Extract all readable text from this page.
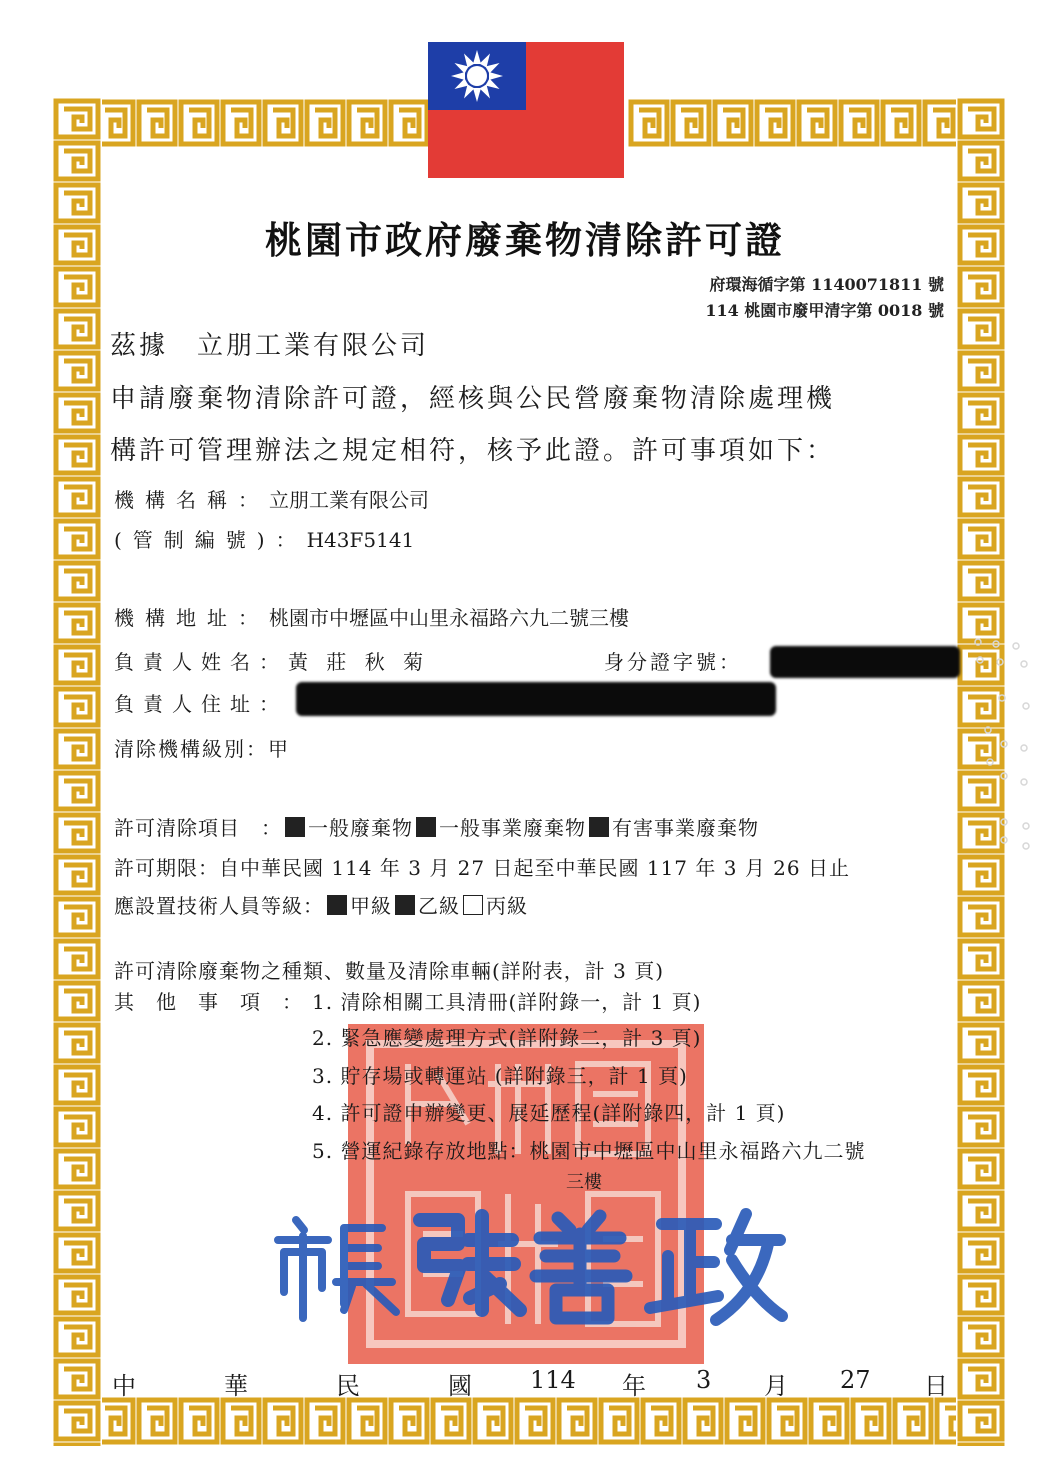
桃園市政府廢棄物清除許可證
府環海循字第 1140071811 號
114 桃園市廢甲清字第 0018 號
茲據　立朋工業有限公司
申請廢棄物清除許可證，經核與公民營廢棄物清除處理機
構許可管理辦法之規定相符，核予此證。許可事項如下：
機構名稱：立朋工業有限公司
(管制編號)：H43F5141
機構地址：桃園市中壢區中山里永福路六九二號三樓
負責人姓名：黃 莊 秋 菊	身分證字號：
負責人住址：
清除機構級別：甲
許可清除項目　： 一般廢棄物 一般事業廢棄物 有害事業廢棄物
許可期限：自中華民國 114 年 3 月 27 日起至中華民國 117 年 3 月 26 日止
應設置技術人員等級： 甲級 乙級 丙級
許可清除廢棄物之種類、數量及清除車輛(詳附表，計 3 頁)
其他事項：
1. 清除相關工具清冊(詳附錄一，計 1 頁)
2. 緊急應變處理方式(詳附錄二，計 3 頁)
3. 貯存場或轉運站 (詳附錄三，計 1 頁)
4. 許可證申辦變更、展延歷程(詳附錄四，計 1 頁)
5. 營運紀錄存放地點：桃園市中壢區中山里永福路六九二號
三樓
中	華	民	國 114 年 3 月 27 日
